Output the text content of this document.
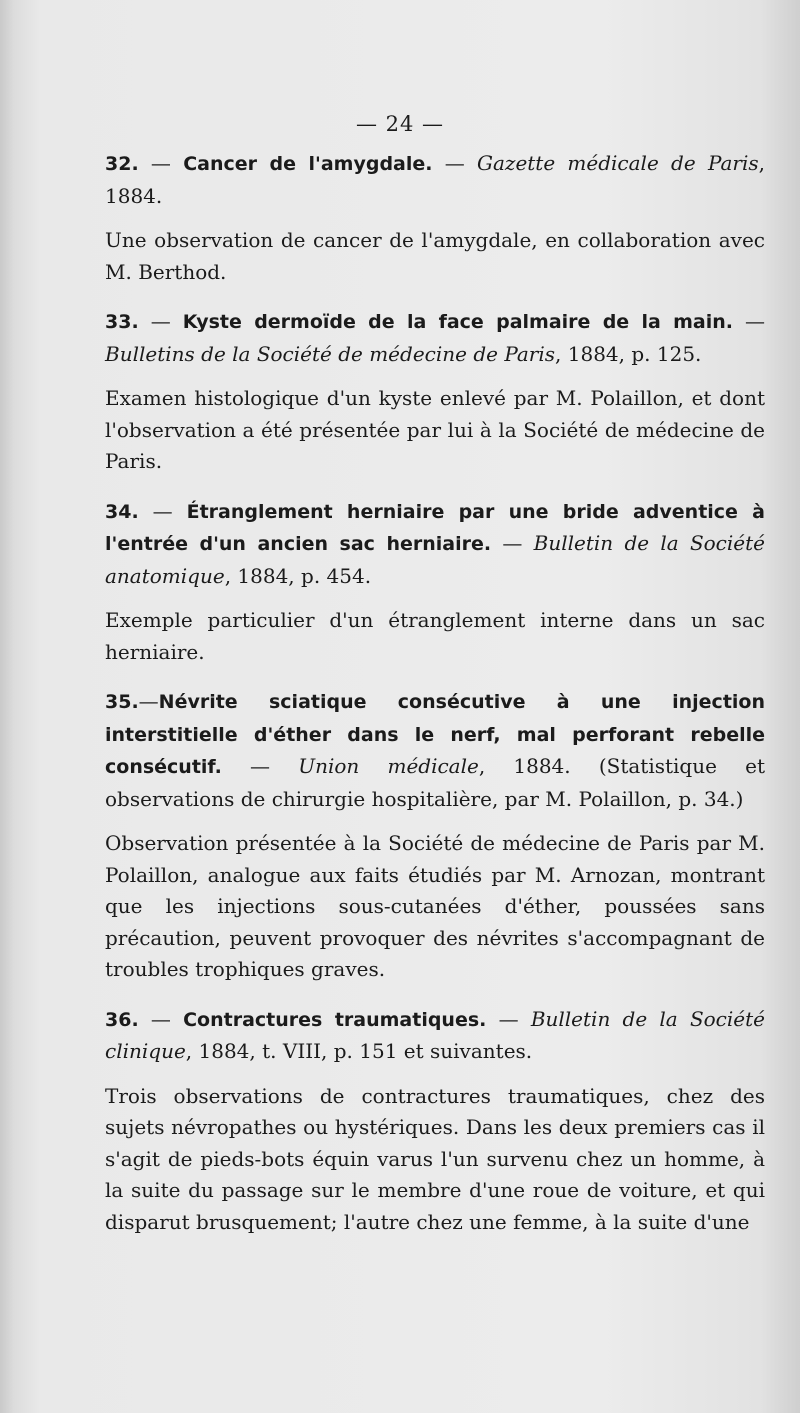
— 24 —

32. — Cancer de l'amygdale. — Gazette médicale de Paris, 1884.

Une observation de cancer de l'amygdale, en collaboration avec M. Berthod.

33. — Kyste dermoïde de la face palmaire de la main. — Bulletins de la Société de médecine de Paris, 1884, p. 125.

Examen histologique d'un kyste enlevé par M. Polaillon, et dont l'observation a été présentée par lui à la Société de médecine de Paris.

34. — Étranglement herniaire par une bride adventice à l'entrée d'un ancien sac herniaire. — Bulletin de la Société anatomique, 1884, p. 454.

Exemple particulier d'un étranglement interne dans un sac herniaire.

35.—Névrite sciatique consécutive à une injection interstitielle d'éther dans le nerf, mal perforant rebelle consécutif. — Union médicale, 1884. (Statistique et observations de chirurgie hospitalière, par M. Polaillon, p. 34.)

Observation présentée à la Société de médecine de Paris par M. Polaillon, analogue aux faits étudiés par M. Arnozan, montrant que les injections sous-cutanées d'éther, poussées sans précaution, peuvent provoquer des névrites s'accompagnant de troubles trophiques graves.

36. — Contractures traumatiques. — Bulletin de la Société clinique, 1884, t. VIII, p. 151 et suivantes.

Trois observations de contractures traumatiques, chez des sujets névropathes ou hystériques. Dans les deux premiers cas il s'agit de pieds-bots équin varus l'un survenu chez un homme, à la suite du passage sur le membre d'une roue de voiture, et qui disparut brusquement; l'autre chez une femme, à la suite d'une
